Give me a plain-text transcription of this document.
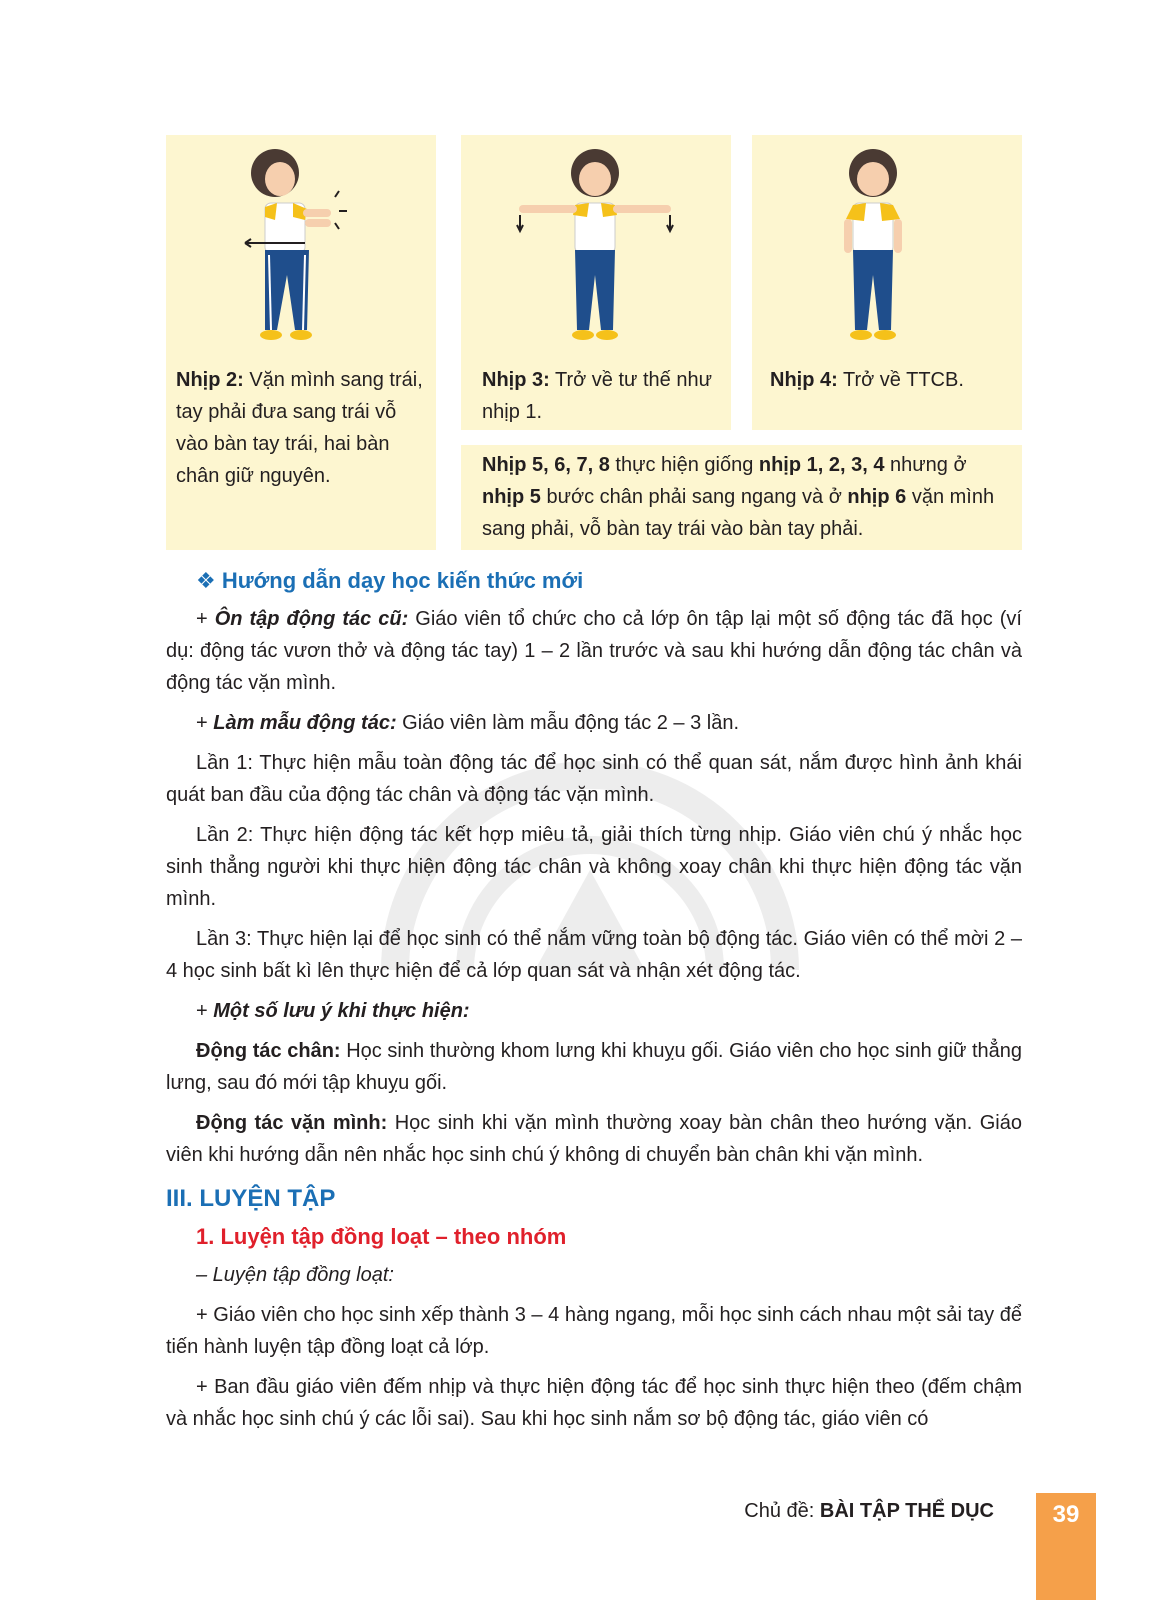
Nhịp 2: Vặn mình sang trái, tay phải đưa sang trái vỗ vào bàn tay trái, hai bàn chân giữ nguyên.
Nhịp 3: Trở về tư thế như nhịp 1.
Nhịp 4: Trở về TTCB.
Nhịp 5, 6, 7, 8 thực hiện giống nhịp 1, 2, 3, 4 nhưng ở nhịp 5 bước chân phải sang ngang và ở nhịp 6 vặn mình sang phải, vỗ bàn tay trái vào bàn tay phải.

❖ Hướng dẫn dạy học kiến thức mới

+ Ôn tập động tác cũ: Giáo viên tổ chức cho cả lớp ôn tập lại một số động tác đã học (ví dụ: động tác vươn thở và động tác tay) 1 – 2 lần trước và sau khi hướng dẫn động tác chân và động tác vặn mình.

+ Làm mẫu động tác: Giáo viên làm mẫu động tác 2 – 3 lần.

Lần 1: Thực hiện mẫu toàn động tác để học sinh có thể quan sát, nắm được hình ảnh khái quát ban đầu của động tác chân và động tác vặn mình.

Lần 2: Thực hiện động tác kết hợp miêu tả, giải thích từng nhịp. Giáo viên chú ý nhắc học sinh thẳng người khi thực hiện động tác chân và không xoay chân khi thực hiện động tác vặn mình.

Lần 3: Thực hiện lại để học sinh có thể nắm vững toàn bộ động tác. Giáo viên có thể mời 2 – 4 học sinh bất kì lên thực hiện để cả lớp quan sát và nhận xét động tác.

+ Một số lưu ý khi thực hiện:

Động tác chân: Học sinh thường khom lưng khi khuỵu gối. Giáo viên cho học sinh giữ thẳng lưng, sau đó mới tập khuỵu gối.

Động tác vặn mình: Học sinh khi vặn mình thường xoay bàn chân theo hướng vặn. Giáo viên khi hướng dẫn nên nhắc học sinh chú ý không di chuyển bàn chân khi vặn mình.

III. LUYỆN TẬP

1. Luyện tập đồng loạt – theo nhóm

– Luyện tập đồng loạt:

+ Giáo viên cho học sinh xếp thành 3 – 4 hàng ngang, mỗi học sinh cách nhau một sải tay để tiến hành luyện tập đồng loạt cả lớp.

+ Ban đầu giáo viên đếm nhịp và thực hiện động tác để học sinh thực hiện theo (đếm chậm và nhắc học sinh chú ý các lỗi sai). Sau khi học sinh nắm sơ bộ động tác, giáo viên có

Chủ đề: BÀI TẬP THỂ DỤC	39
